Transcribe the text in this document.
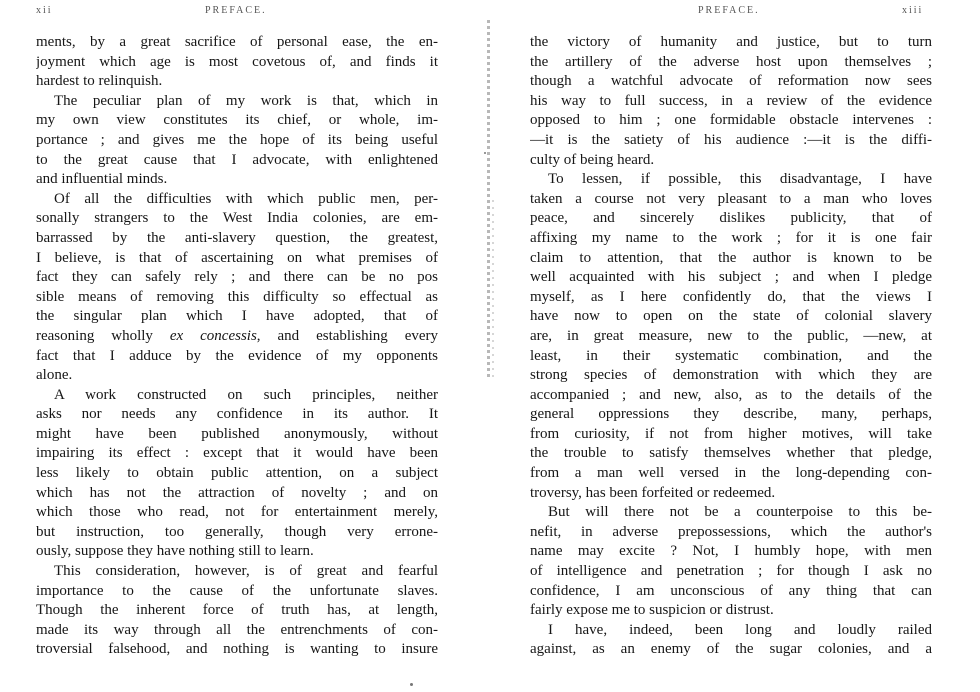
xii	PREFACE.
ments, by a great sacrifice of personal ease, the en-
joyment which age is most covetous of, and finds it
hardest to relinquish.
The peculiar plan of my work is that, which in
my own view constitutes its chief, or whole, im-
portance ; and gives me the hope of its being useful
to the great cause that I advocate, with enlightened
and influential minds.
Of all the difficulties with which public men, per-
sonally strangers to the West India colonies, are em-
barrassed by the anti-slavery question, the greatest,
I believe, is that of ascertaining on what premises of
fact they can safely rely ; and there can be no pos
sible means of removing this difficulty so effectual as
the singular plan which I have adopted, that of
reasoning wholly ex concessis, and establishing every
fact that I adduce by the evidence of my opponents
alone.
A work constructed on such principles, neither
asks nor needs any confidence in its author. It
might have been published anonymously, without
impairing its effect : except that it would have been
less likely to obtain public attention, on a subject
which has not the attraction of novelty ; and on
which those who read, not for entertainment merely,
but instruction, too generally, though very errone-
ously, suppose they have nothing still to learn.
This consideration, however, is of great and fearful
importance to the cause of the unfortunate slaves.
Though the inherent force of truth has, at length,
made its way through all the entrenchments of con-
troversial falsehood, and nothing is wanting to insure
PREFACE.	xiii
the victory of humanity and justice, but to turn
the artillery of the adverse host upon themselves ;
though a watchful advocate of reformation now sees
his way to full success, in a review of the evidence
opposed to him ; one formidable obstacle intervenes :
—it is the satiety of his audience :—it is the diffi-
culty of being heard.
To lessen, if possible, this disadvantage, I have
taken a course not very pleasant to a man who loves
peace, and sincerely dislikes publicity, that of
affixing my name to the work ; for it is one fair
claim to attention, that the author is known to be
well acquainted with his subject ; and when I pledge
myself, as I here confidently do, that the views I
have now to open on the state of colonial slavery
are, in great measure, new to the public, —new, at
least, in their systematic combination, and the
strong species of demonstration with which they are
accompanied ; and new, also, as to the details of the
general oppressions they describe, many, perhaps,
from curiosity, if not from higher motives, will take
the trouble to satisfy themselves whether that pledge,
from a man well versed in the long-depending con-
troversy, has been forfeited or redeemed.
But will there not be a counterpoise to this be-
nefit, in adverse prepossessions, which the author's
name may excite ? Not, I humbly hope, with men
of intelligence and penetration ; for though I ask no
confidence, I am unconscious of any thing that can
fairly expose me to suspicion or distrust.
I have, indeed, been long and loudly railed
against, as an enemy of the sugar colonies, and a
